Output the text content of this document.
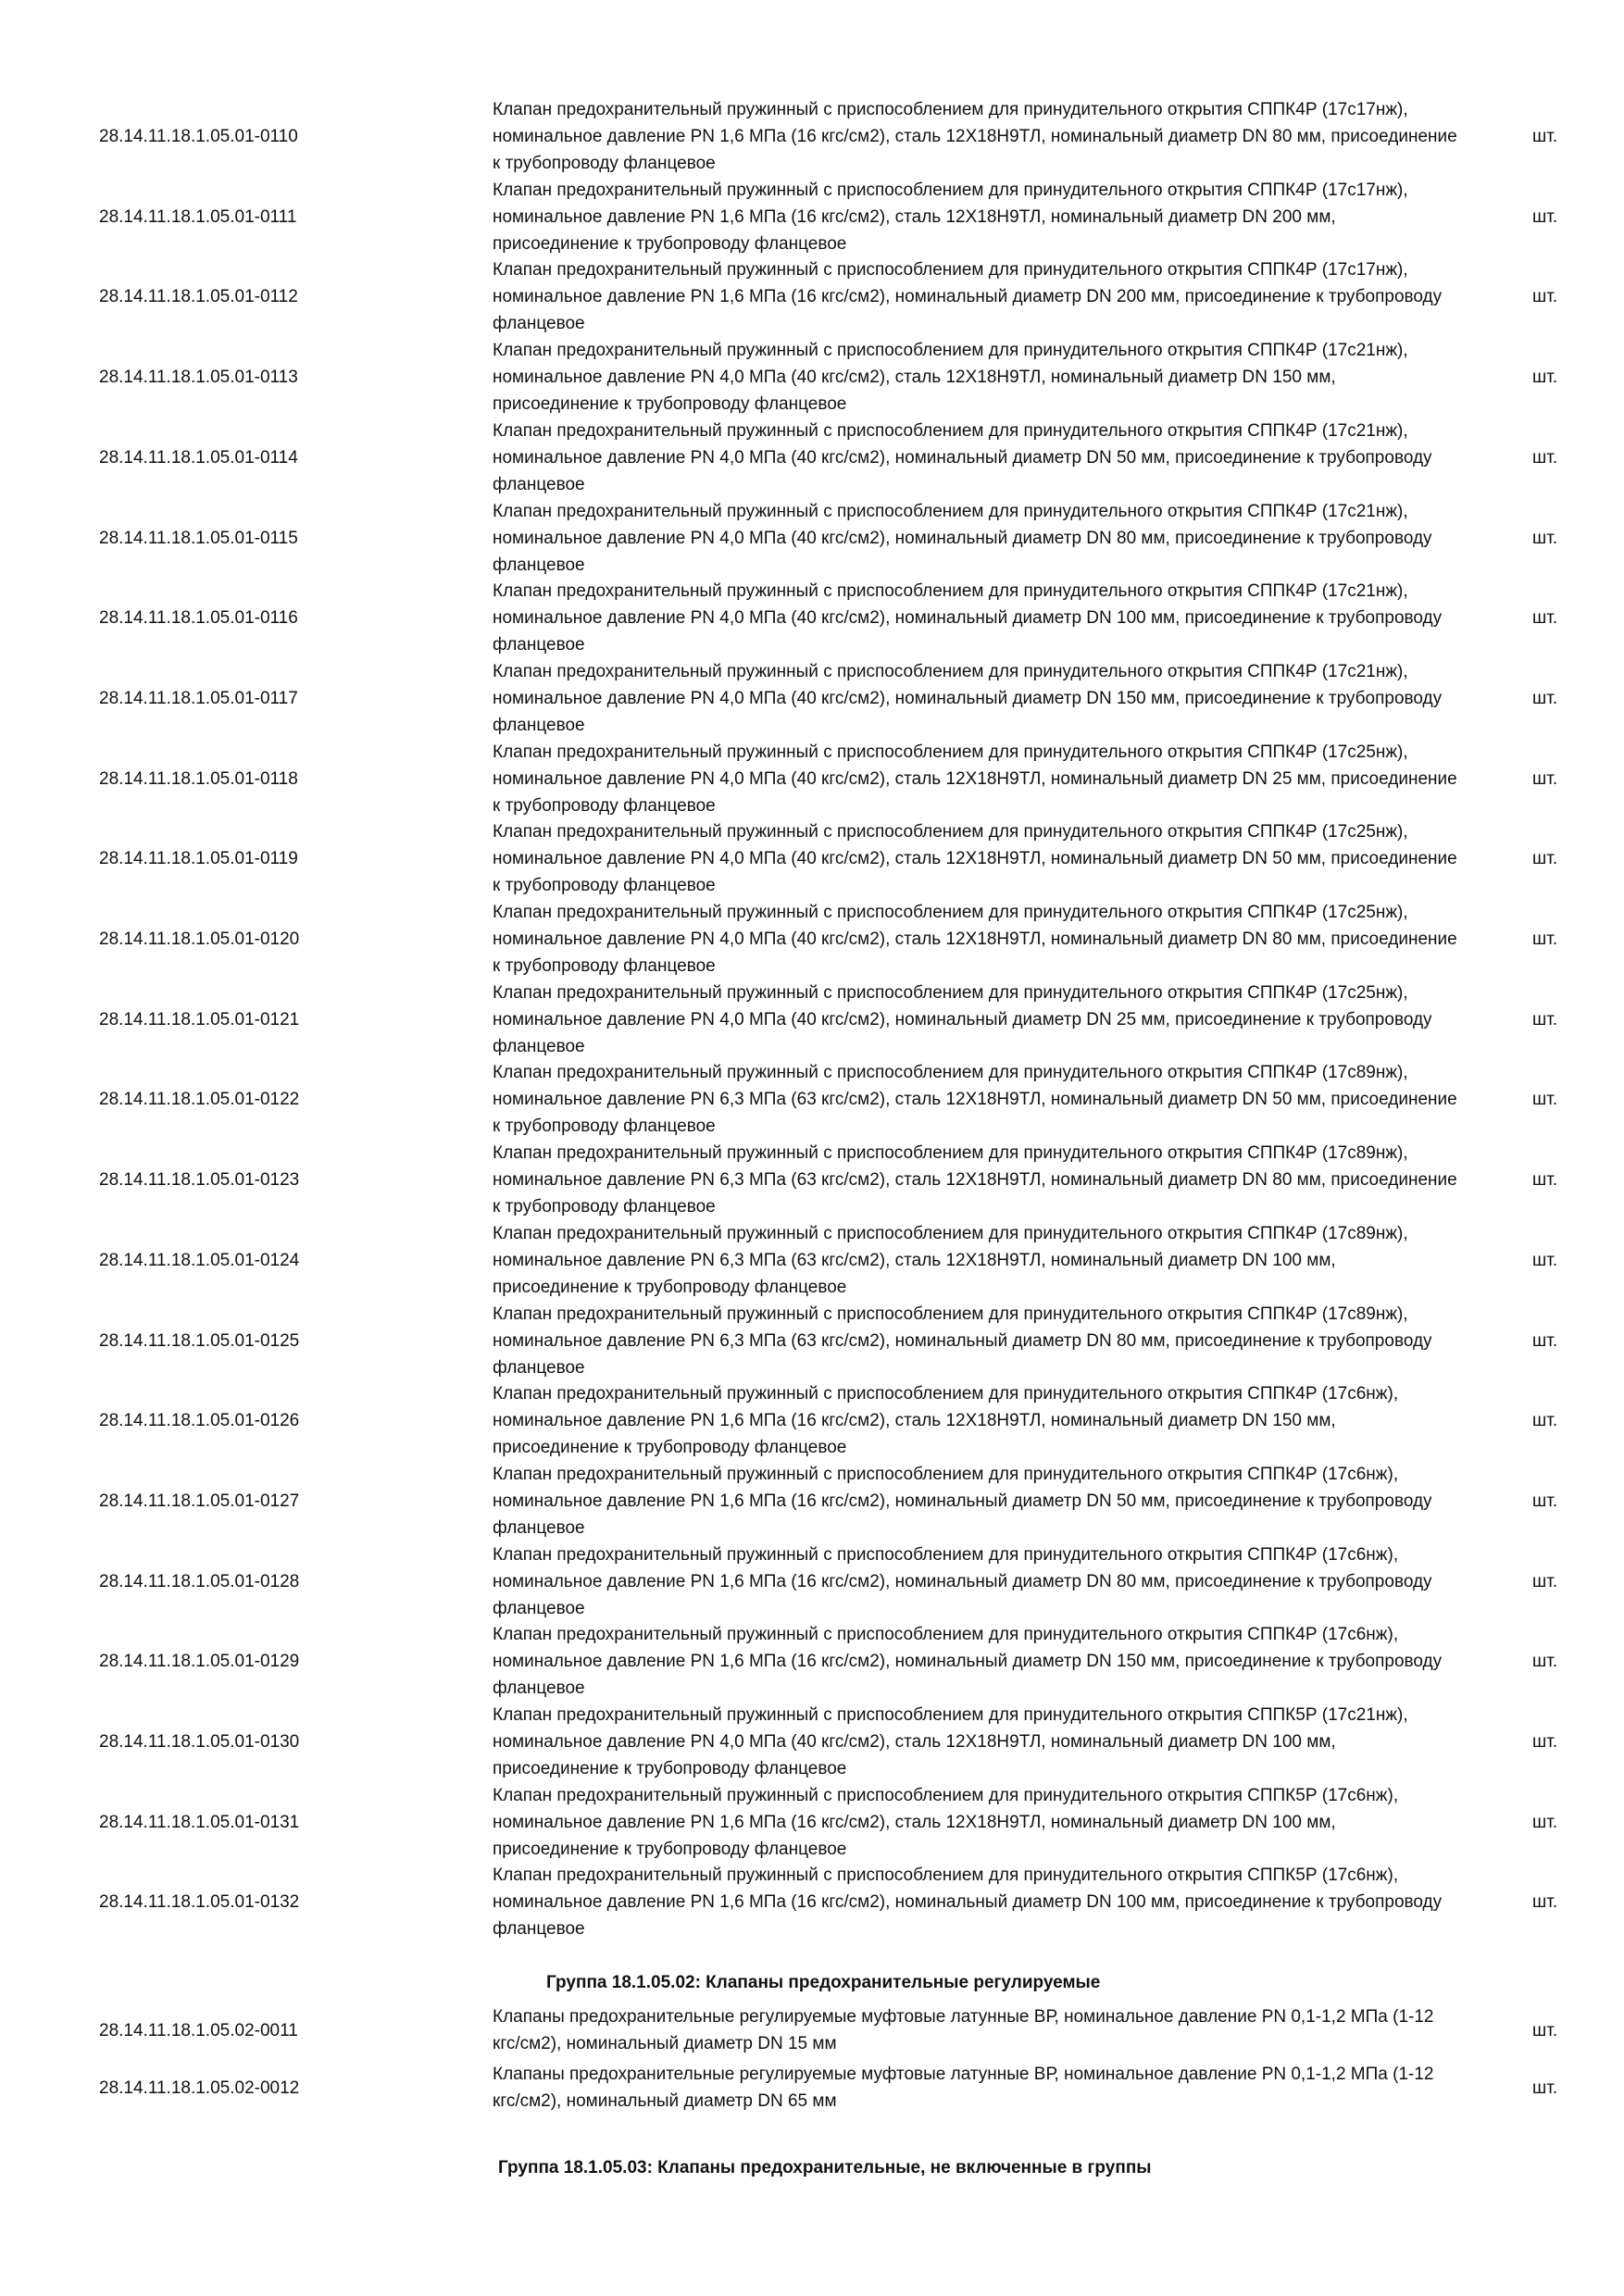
28.14.11.18.1.05.01-0110
Клапан предохранительный пружинный с приспособлением для принудительного открытия СППК4Р (17с17нж), номинальное давление PN 1,6 МПа (16 кгс/см2), сталь 12Х18Н9ТЛ, номинальный диаметр DN 80 мм, присоединение к трубопроводу фланцевое
шт.
28.14.11.18.1.05.01-0111
Клапан предохранительный пружинный с приспособлением для принудительного открытия СППК4Р (17с17нж), номинальное давление PN 1,6 МПа (16 кгс/см2), сталь 12Х18Н9ТЛ, номинальный диаметр DN 200 мм, присоединение к трубопроводу фланцевое
шт.
28.14.11.18.1.05.01-0112
Клапан предохранительный пружинный с приспособлением для принудительного открытия СППК4Р (17с17нж), номинальное давление PN 1,6 МПа (16 кгс/см2), номинальный диаметр DN 200 мм, присоединение к трубопроводу фланцевое
шт.
28.14.11.18.1.05.01-0113
Клапан предохранительный пружинный с приспособлением для принудительного открытия СППК4Р (17с21нж), номинальное давление PN 4,0 МПа (40 кгс/см2), сталь 12Х18Н9ТЛ, номинальный диаметр DN 150 мм, присоединение к трубопроводу фланцевое
шт.
28.14.11.18.1.05.01-0114
Клапан предохранительный пружинный с приспособлением для принудительного открытия СППК4Р (17с21нж), номинальное давление PN 4,0 МПа (40 кгс/см2), номинальный диаметр DN 50 мм, присоединение к трубопроводу фланцевое
шт.
28.14.11.18.1.05.01-0115
Клапан предохранительный пружинный с приспособлением для принудительного открытия СППК4Р (17с21нж), номинальное давление PN 4,0 МПа (40 кгс/см2), номинальный диаметр DN 80 мм, присоединение к трубопроводу фланцевое
шт.
28.14.11.18.1.05.01-0116
Клапан предохранительный пружинный с приспособлением для принудительного открытия СППК4Р (17с21нж), номинальное давление PN 4,0 МПа (40 кгс/см2), номинальный диаметр DN 100 мм, присоединение к трубопроводу фланцевое
шт.
28.14.11.18.1.05.01-0117
Клапан предохранительный пружинный с приспособлением для принудительного открытия СППК4Р (17с21нж), номинальное давление PN 4,0 МПа (40 кгс/см2), номинальный диаметр DN 150 мм, присоединение к трубопроводу фланцевое
шт.
28.14.11.18.1.05.01-0118
Клапан предохранительный пружинный с приспособлением для принудительного открытия СППК4Р (17с25нж), номинальное давление PN 4,0 МПа (40 кгс/см2), сталь 12Х18Н9ТЛ, номинальный диаметр DN 25 мм, присоединение к трубопроводу фланцевое
шт.
28.14.11.18.1.05.01-0119
Клапан предохранительный пружинный с приспособлением для принудительного открытия СППК4Р (17с25нж), номинальное давление PN 4,0 МПа (40 кгс/см2), сталь 12Х18Н9ТЛ, номинальный диаметр DN 50 мм, присоединение к трубопроводу фланцевое
шт.
28.14.11.18.1.05.01-0120
Клапан предохранительный пружинный с приспособлением для принудительного открытия СППК4Р (17с25нж), номинальное давление PN 4,0 МПа (40 кгс/см2), сталь 12Х18Н9ТЛ, номинальный диаметр DN 80 мм, присоединение к трубопроводу фланцевое
шт.
28.14.11.18.1.05.01-0121
Клапан предохранительный пружинный с приспособлением для принудительного открытия СППК4Р (17с25нж), номинальное давление PN 4,0 МПа (40 кгс/см2), номинальный диаметр DN 25 мм, присоединение к трубопроводу фланцевое
шт.
28.14.11.18.1.05.01-0122
Клапан предохранительный пружинный с приспособлением для принудительного открытия СППК4Р (17с89нж), номинальное давление PN 6,3 МПа (63 кгс/см2), сталь 12Х18Н9ТЛ, номинальный диаметр DN 50 мм, присоединение к трубопроводу фланцевое
шт.
28.14.11.18.1.05.01-0123
Клапан предохранительный пружинный с приспособлением для принудительного открытия СППК4Р (17с89нж), номинальное давление PN 6,3 МПа (63 кгс/см2), сталь 12Х18Н9ТЛ, номинальный диаметр DN 80 мм, присоединение к трубопроводу фланцевое
шт.
28.14.11.18.1.05.01-0124
Клапан предохранительный пружинный с приспособлением для принудительного открытия СППК4Р (17с89нж), номинальное давление PN 6,3 МПа (63 кгс/см2), сталь 12Х18Н9ТЛ, номинальный диаметр DN 100 мм, присоединение к трубопроводу фланцевое
шт.
28.14.11.18.1.05.01-0125
Клапан предохранительный пружинный с приспособлением для принудительного открытия СППК4Р (17с89нж), номинальное давление PN 6,3 МПа (63 кгс/см2), номинальный диаметр DN 80 мм, присоединение к трубопроводу фланцевое
шт.
28.14.11.18.1.05.01-0126
Клапан предохранительный пружинный с приспособлением для принудительного открытия СППК4Р (17с6нж), номинальное давление PN 1,6 МПа (16 кгс/см2), сталь 12Х18Н9ТЛ, номинальный диаметр DN 150 мм, присоединение к трубопроводу фланцевое
шт.
28.14.11.18.1.05.01-0127
Клапан предохранительный пружинный с приспособлением для принудительного открытия СППК4Р (17с6нж), номинальное давление PN 1,6 МПа (16 кгс/см2), номинальный диаметр DN 50 мм, присоединение к трубопроводу фланцевое
шт.
28.14.11.18.1.05.01-0128
Клапан предохранительный пружинный с приспособлением для принудительного открытия СППК4Р (17с6нж), номинальное давление PN 1,6 МПа (16 кгс/см2), номинальный диаметр DN 80 мм, присоединение к трубопроводу фланцевое
шт.
28.14.11.18.1.05.01-0129
Клапан предохранительный пружинный с приспособлением для принудительного открытия СППК4Р (17с6нж), номинальное давление PN 1,6 МПа (16 кгс/см2), номинальный диаметр DN 150 мм, присоединение к трубопроводу фланцевое
шт.
28.14.11.18.1.05.01-0130
Клапан предохранительный пружинный с приспособлением для принудительного открытия СППК5Р (17с21нж), номинальное давление PN 4,0 МПа (40 кгс/см2), сталь 12Х18Н9ТЛ, номинальный диаметр DN 100 мм, присоединение к трубопроводу фланцевое
шт.
28.14.11.18.1.05.01-0131
Клапан предохранительный пружинный с приспособлением для принудительного открытия СППК5Р (17с6нж), номинальное давление PN 1,6 МПа (16 кгс/см2), сталь 12Х18Н9ТЛ, номинальный диаметр DN 100 мм, присоединение к трубопроводу фланцевое
шт.
28.14.11.18.1.05.01-0132
Клапан предохранительный пружинный с приспособлением для принудительного открытия СППК5Р (17с6нж), номинальное давление PN 1,6 МПа (16 кгс/см2), номинальный диаметр DN 100 мм, присоединение к трубопроводу фланцевое
шт.
Группа 18.1.05.02: Клапаны предохранительные регулируемые
28.14.11.18.1.05.02-0011
Клапаны предохранительные регулируемые муфтовые латунные ВР, номинальное давление PN 0,1-1,2 МПа (1-12 кгс/см2), номинальный диаметр DN 15 мм
шт.
28.14.11.18.1.05.02-0012
Клапаны предохранительные регулируемые муфтовые латунные ВР, номинальное давление PN 0,1-1,2 МПа (1-12 кгс/см2), номинальный диаметр DN 65 мм
шт.
Группа 18.1.05.03: Клапаны предохранительные, не включенные в группы
